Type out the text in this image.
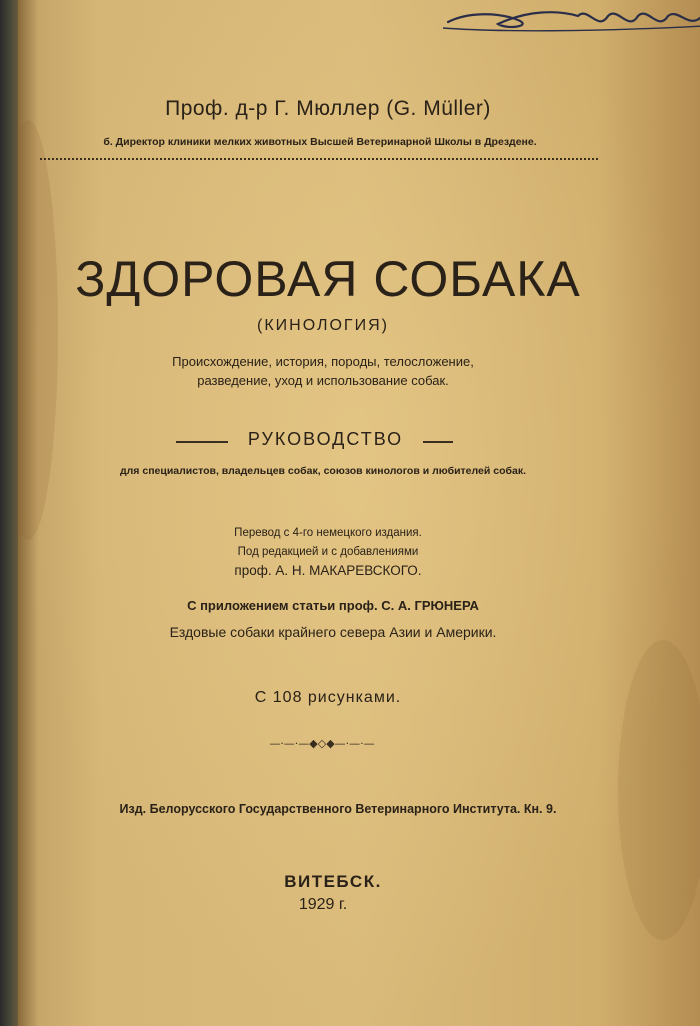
Проф. д-р Г. Мюллер (G. Müller)
б. Директор клиники мелких животных Высшей Ветеринарной Школы в Дрездене.
ЗДОРОВАЯ СОБАКА
(КИНОЛОГИЯ)
Происхождение, история, породы, телосложение,
разведение, уход и использование собак.
РУКОВОДСТВО
для специалистов, владельцев собак, союзов кинологов и любителей собак.
Перевод с 4-го немецкого издания.
Под редакцией и с добавлениями
проф. А. Н. МАКАРЕВСКОГО.
С приложением статьи проф. С. А. ГРЮНЕРА
Ездовые собаки крайнего севера Азии и Америки.
С 108 рисунками.
—·—·—◆◇◆—·—·—
Изд. Белорусского Государственного Ветеринарного Института. Кн. 9.
ВИТЕБСК.
1929 г.
